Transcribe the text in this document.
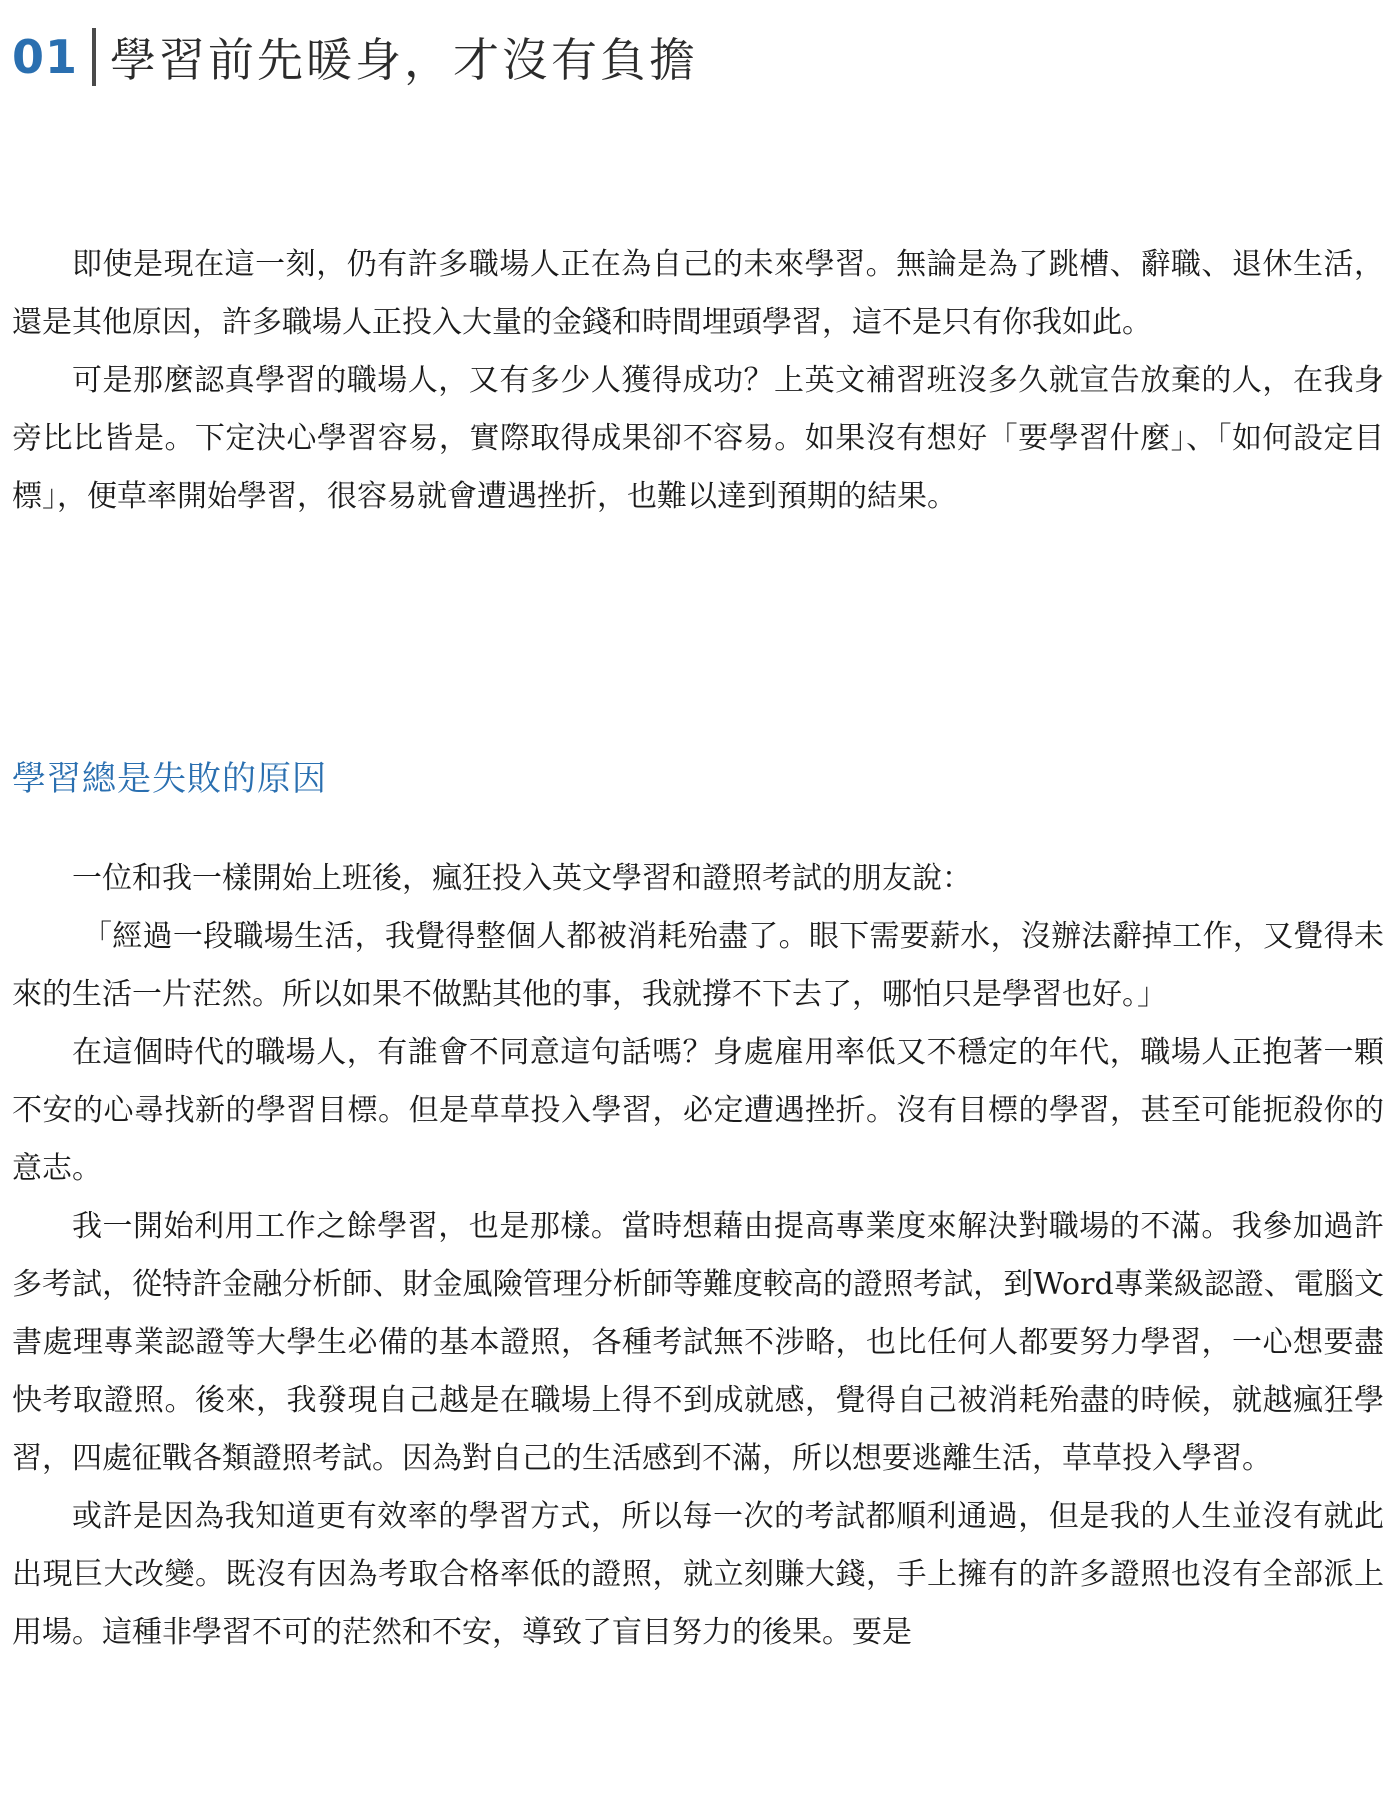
01 學習前先暖身，才沒有負擔

即使是現在這一刻，仍有許多職場人正在為自己的未來學習。無論是為了跳槽、辭職、退休生活，還是其他原因，許多職場人正投入大量的金錢和時間埋頭學習，這不是只有你我如此。

可是那麼認真學習的職場人，又有多少人獲得成功？上英文補習班沒多久就宣告放棄的人，在我身旁比比皆是。下定決心學習容易，實際取得成果卻不容易。如果沒有想好「要學習什麼」、「如何設定目標」，便草率開始學習，很容易就會遭遇挫折，也難以達到預期的結果。

學習總是失敗的原因

一位和我一樣開始上班後，瘋狂投入英文學習和證照考試的朋友說：

「經過一段職場生活，我覺得整個人都被消耗殆盡了。眼下需要薪水，沒辦法辭掉工作，又覺得未來的生活一片茫然。所以如果不做點其他的事，我就撐不下去了，哪怕只是學習也好。」

在這個時代的職場人，有誰會不同意這句話嗎？身處雇用率低又不穩定的年代，職場人正抱著一顆不安的心尋找新的學習目標。但是草草投入學習，必定遭遇挫折。沒有目標的學習，甚至可能扼殺你的意志。

我一開始利用工作之餘學習，也是那樣。當時想藉由提高專業度來解決對職場的不滿。我參加過許多考試，從特許金融分析師、財金風險管理分析師等難度較高的證照考試，到Word專業級認證、電腦文書處理專業認證等大學生必備的基本證照，各種考試無不涉略，也比任何人都要努力學習，一心想要盡快考取證照。後來，我發現自己越是在職場上得不到成就感，覺得自己被消耗殆盡的時候，就越瘋狂學習，四處征戰各類證照考試。因為對自己的生活感到不滿，所以想要逃離生活，草草投入學習。

或許是因為我知道更有效率的學習方式，所以每一次的考試都順利通過，但是我的人生並沒有就此出現巨大改變。既沒有因為考取合格率低的證照，就立刻賺大錢，手上擁有的許多證照也沒有全部派上用場。這種非學習不可的茫然和不安，導致了盲目努力的後果。要是
